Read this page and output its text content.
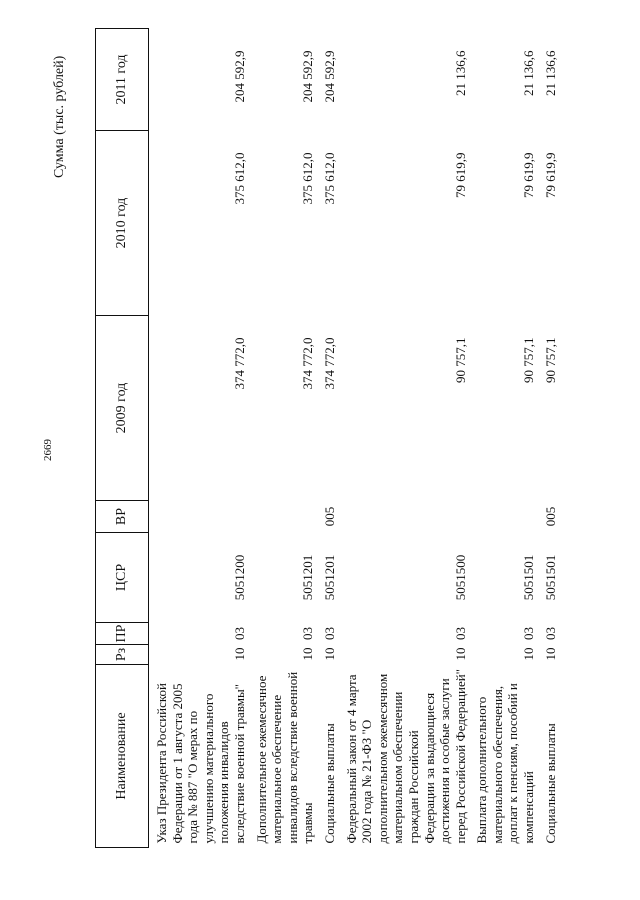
2669
Сумма (тыс. рублей)
Наименование	Рз	ПР	ЦСР	ВР	2009 год	2010 год	2011 год
Указ Президента Российской Федерации от 1 августа 2005 года № 887 "О мерах по улучшению материального положения инвалидов вследствие военной травмы"	10	03	5051200		374 772,0	375 612,0	204 592,9
Дополнительное ежемесячное материальное обеспечение инвалидов вследствие военной травмы	10	03	5051201		374 772,0	375 612,0	204 592,9
Социальные выплаты	10	03	5051201	005	374 772,0	375 612,0	204 592,9
Федеральный закон от 4 марта 2002 года № 21-ФЗ "О дополнительном ежемесячном материальном обеспечении граждан Российской Федерации за выдающиеся достижения и особые заслуги перед Российской Федерацией"	10	03	5051500		90 757,1	79 619,9	21 136,6
Выплата дополнительного материального обеспечения, доплат к пенсиям, пособий и компенсаций	10	03	5051501		90 757,1	79 619,9	21 136,6
Социальные выплаты	10	03	5051501	005	90 757,1	79 619,9	21 136,6
